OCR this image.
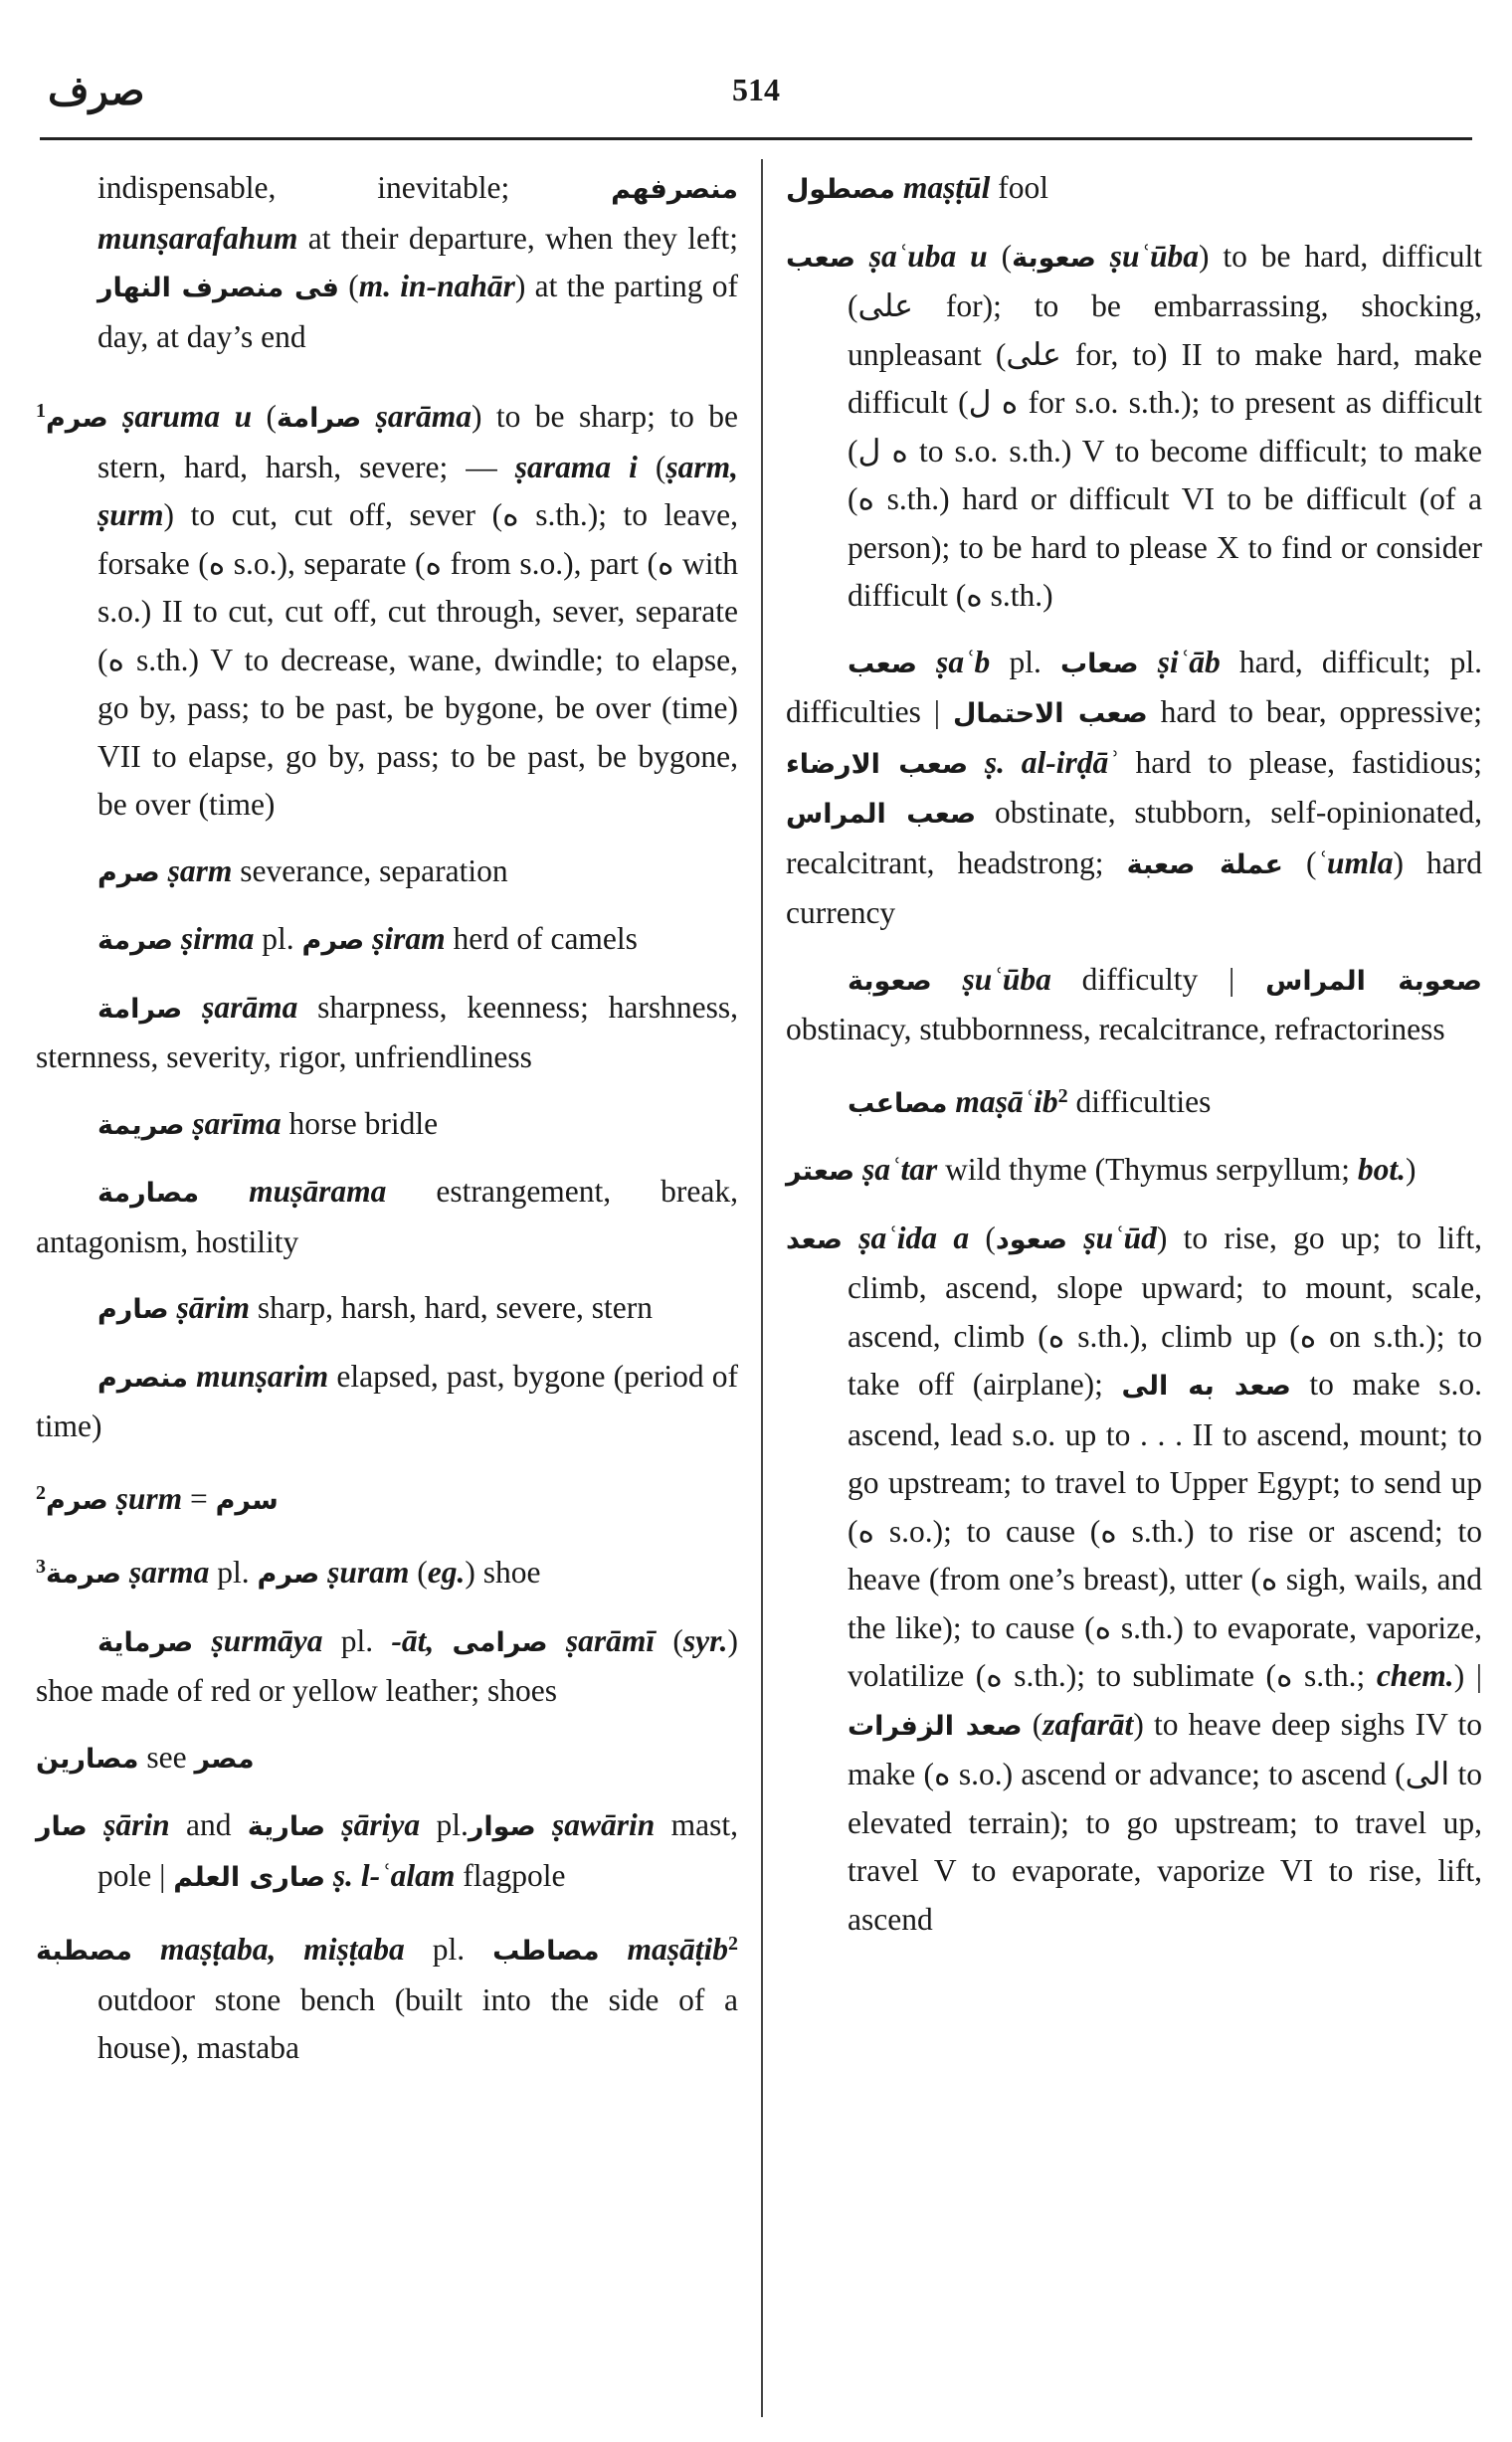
صرف	514

indispensable, inevitable; منصرفهم munṣarafahum at their departure, when they left; فى منصرف النهار (m. in-nahār) at the parting of day, at day’s end

$^1$صرم ṣaruma u (صرامة ṣarāma) to be sharp; to be stern, hard, harsh, severe; — ṣarama i (ṣarm, ṣurm) to cut, cut off, sever (ه s.th.); to leave, forsake (ه s.o.), separate (ه from s.o.), part (ه with s.o.) II to cut, cut off, cut through, sever, separate (ه s.th.) V to decrease, wane, dwindle; to elapse, go by, pass; to be past, be bygone, be over (time) VII to elapse, go by, pass; to be past, be bygone, be over (time)

صرم ṣarm severance, separation

صرمة ṣirma pl. صرم ṣiram herd of camels

صرامة ṣarāma sharpness, keenness; harshness, sternness, severity, rigor, unfriendliness

صريمة ṣarīma horse bridle

مصارمة muṣārama estrangement, break, antagonism, hostility

صارم ṣārim sharp, harsh, hard, severe, stern

منصرم munṣarim elapsed, past, bygone (period of time)

$^2$صرم ṣurm = سرم

$^3$صرمة ṣarma pl. صرم ṣuram (eg.) shoe

صرماية ṣurmāya pl. -āt, صرامى ṣarāmī (syr.) shoe made of red or yellow leather; shoes

مصارين see مصر

صار ṣārin and صارية ṣāriya pl.صوار ṣawārin mast, pole | صارى العلم ṣ. l-ʿalam flagpole

مصطبة maṣṭaba, miṣṭaba pl. مصاطب maṣāṭib$^2$ outdoor stone bench (built into the side of a house), mastaba

مصطول maṣṭūl fool

صعب ṣaʿuba u (صعوبة ṣuʿūba) to be hard, difficult (على for); to be embarrassing, shocking, unpleasant (على for, to) II to make hard, make difficult (ه ل for s.o. s.th.); to present as difficult (ه ل to s.o. s.th.) V to become difficult; to make (ه s.th.) hard or difficult VI to be difficult (of a person); to be hard to please X to find or consider difficult (ه s.th.)

صعب ṣaʿb pl. صعاب ṣiʿāb hard, difficult; pl. difficulties | صعب الاحتمال hard to bear, oppressive; صعب الارضاء ṣ. al-irḍāʾ hard to please, fastidious; صعب المراس obstinate, stubborn, self-opinionated, recalcitrant, headstrong; عملة صعبة (ʿumla) hard currency

صعوبة ṣuʿūba difficulty | صعوبة المراس obstinacy, stubbornness, recalcitrance, refractoriness

مصاعب maṣāʿib$^2$ difficulties

صعتر ṣaʿtar wild thyme (Thymus serpyllum; bot.)

صعد ṣaʿida a (صعود ṣuʿūd) to rise, go up; to lift, climb, ascend, slope upward; to mount, scale, ascend, climb (ه s.th.), climb up (ه on s.th.); to take off (airplane); صعد به الى to make s.o. ascend, lead s.o. up to . . . II to ascend, mount; to go upstream; to travel to Upper Egypt; to send up (ه s.o.); to cause (ه s.th.) to rise or ascend; to heave (from one’s breast), utter (ه sigh, wails, and the like); to cause (ه s.th.) to evaporate, vaporize, volatilize (ه s.th.); to sublimate (ه s.th.; chem.) | صعد الزفرات (zafarāt) to heave deep sighs IV to make (ه s.o.) ascend or advance; to ascend (الى to elevated terrain); to go upstream; to travel up, travel V to evaporate, vaporize VI to rise, lift, ascend
